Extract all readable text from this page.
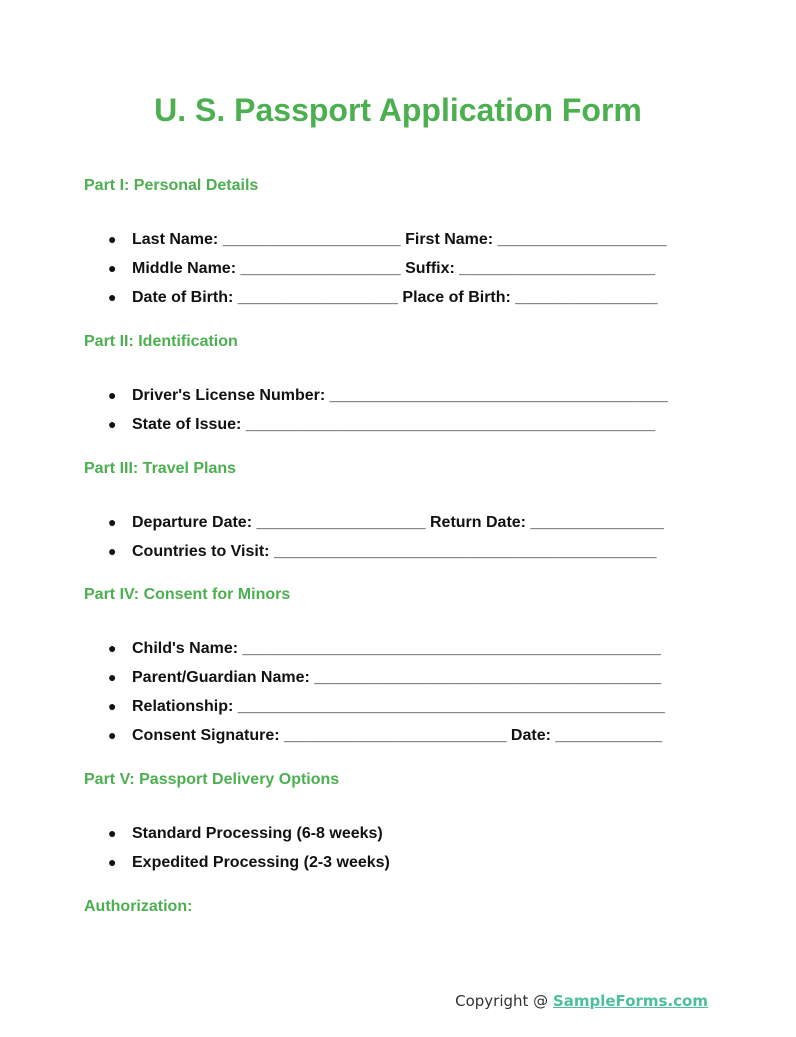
U. S. Passport Application Form

Part I: Personal Details

● Last Name: ____________________ First Name: ___________________
● Middle Name: __________________ Suffix: ______________________
● Date of Birth: __________________ Place of Birth: ________________

Part II: Identification

● Driver's License Number: ______________________________________
● State of Issue: ______________________________________________

Part III: Travel Plans

● Departure Date: ___________________ Return Date: _______________
● Countries to Visit: ___________________________________________

Part IV: Consent for Minors

● Child's Name: _______________________________________________
● Parent/Guardian Name: _______________________________________
● Relationship: ________________________________________________
● Consent Signature: _________________________ Date: ____________

Part V: Passport Delivery Options

● Standard Processing (6-8 weeks)
● Expedited Processing (2-3 weeks)

Authorization:

Copyright @ SampleForms.com
